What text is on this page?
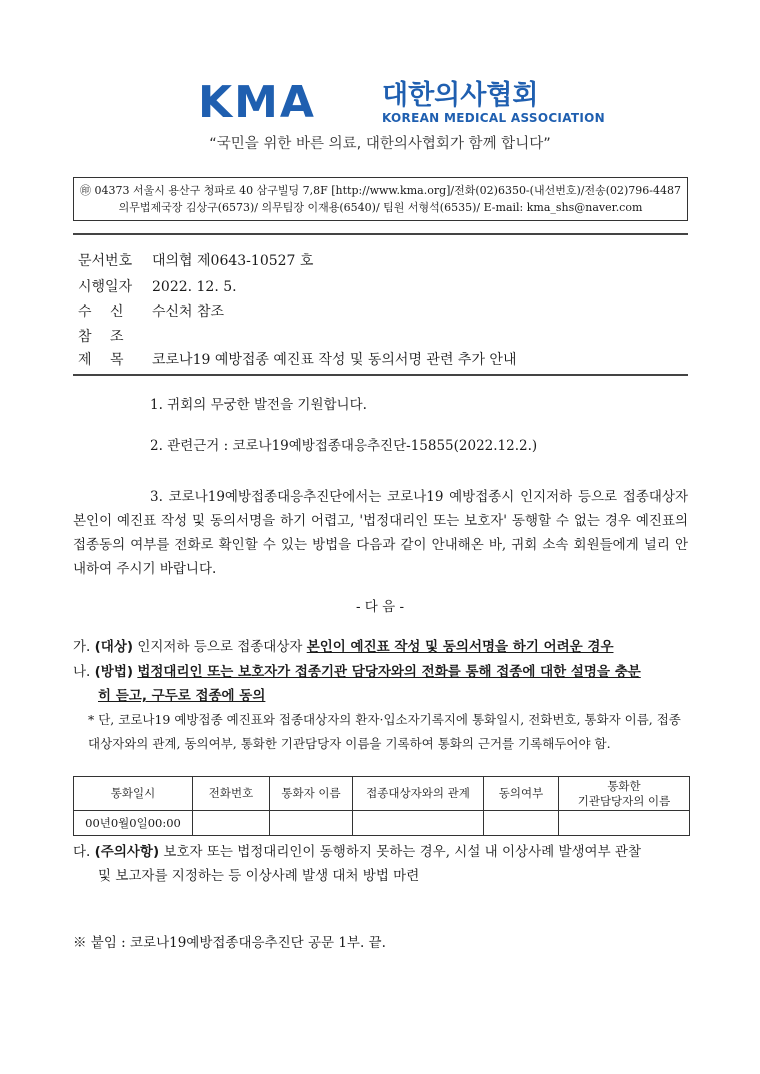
KMA 대한의사협회
KOREAN MEDICAL ASSOCIATION
“국민을 위한 바른 의료, 대한의사협회가 함께 합니다”
㊞ 04373 서울시 용산구 청파로 40 삼구빌딩 7,8F [http://www.kma.org]/전화(02)6350-(내선번호)/전송(02)796-4487
의무법제국장 김상구(6573)/ 의무팀장 이재용(6540)/ 팀원 서형석(6535)/ E-mail: kma_shs@naver.com
문서번호 대의협 제0643-10527 호
시행일자 2022. 12. 5.
수 신 수신처 참조
참 조
제 목 코로나19 예방접종 예진표 작성 및 동의서명 관련 추가 안내
1. 귀회의 무궁한 발전을 기원합니다.
2. 관련근거 : 코로나19예방접종대응추진단-15855(2022.12.2.)
3. 코로나19예방접종대응추진단에서는 코로나19 예방접종시 인지저하 등으로 접종대상자 본인이 예진표 작성 및 동의서명을 하기 어렵고, '법정대리인 또는 보호자' 동행할 수 없는 경우 예진표의 접종동의 여부를 전화로 확인할 수 있는 방법을 다음과 같이 안내해온 바, 귀회 소속 회원들에게 널리 안내하여 주시기 바랍니다.
- 다 음 -
가. (대상) 인지저하 등으로 접종대상자 본인이 예진표 작성 및 동의서명을 하기 어려운 경우
나. (방법) 법정대리인 또는 보호자가 접종기관 담당자와의 전화를 통해 접종에 대한 설명을 충분
히 듣고, 구두로 접종에 동의
* 단, 코로나19 예방접종 예진표와 접종대상자의 환자·입소자기록지에 통화일시, 전화번호, 통화자 이름, 접종대상자와의 관계, 동의여부, 통화한 기관담당자 이름을 기록하여 통화의 근거를 기록해두어야 함.
통화일시	전화번호	통화자 이름	접종대상자와의 관계	동의여부	통화한
기관담당자의 이름

00년0월0일00:00					
다. (주의사항) 보호자 또는 법정대리인이 동행하지 못하는 경우, 시설 내 이상사례 발생여부 관찰
및 보고자를 지정하는 등 이상사례 발생 대처 방법 마련
※ 붙임 : 코로나19예방접종대응추진단 공문 1부. 끝.
